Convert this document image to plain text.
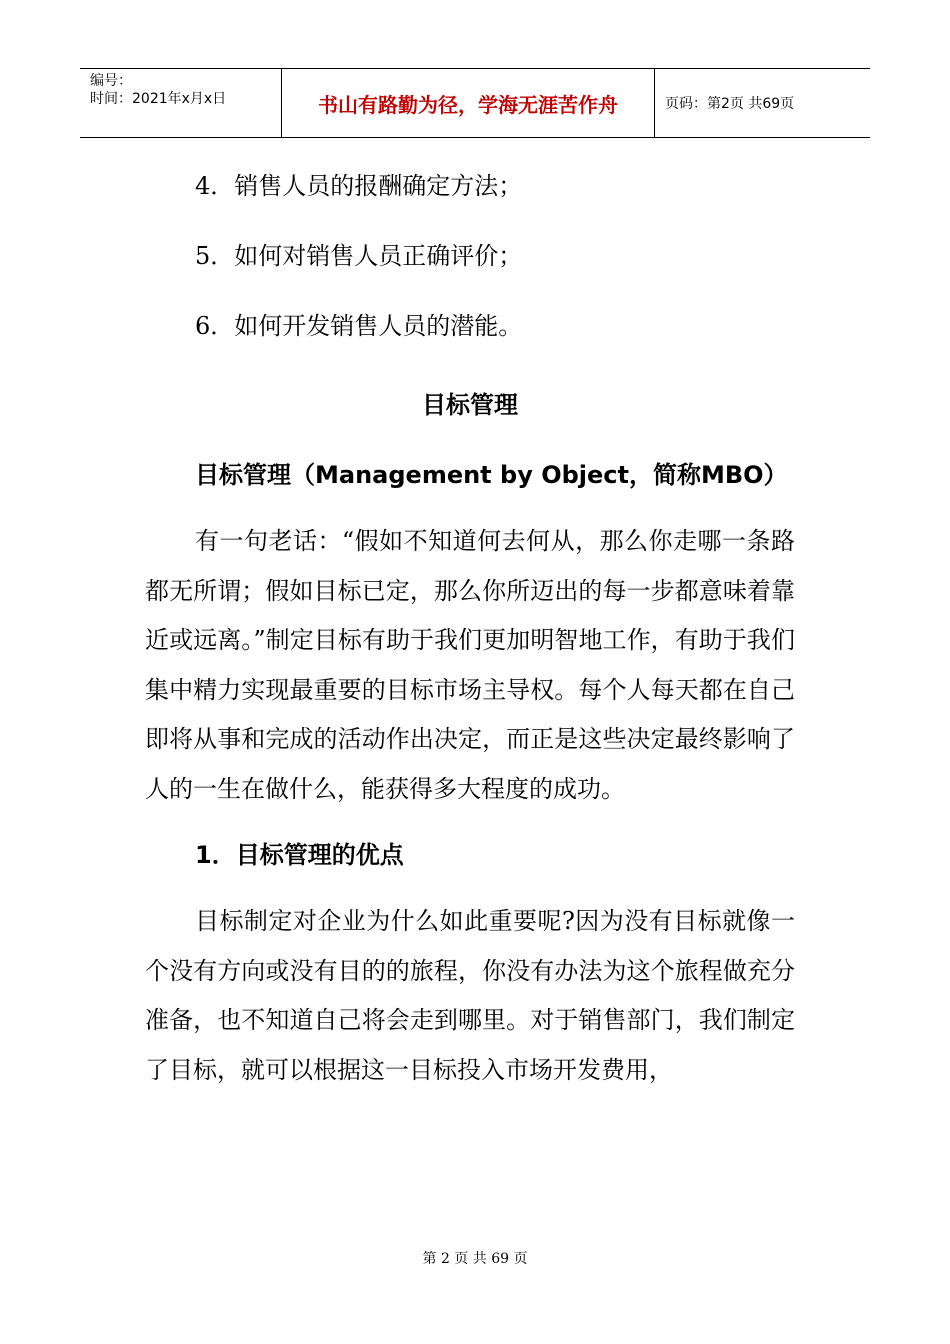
编号：
时间：2021年x月x日	书山有路勤为径，学海无涯苦作舟	页码：第2页 共69页

4．销售人员的报酬确定方法；

5．如何对销售人员正确评价；

6．如何开发销售人员的潜能。

目标管理
目标管理（Management by Object，简称MBO）

有一句老话：“假如不知道何去何从，那么你走哪一条路都无所谓；假如目标已定，那么你所迈出的每一步都意味着靠近或远离。”制定目标有助于我们更加明智地工作，有助于我们集中精力实现最重要的目标市场主导权。每个人每天都在自己即将从事和完成的活动作出决定，而正是这些决定最终影响了人的一生在做什么，能获得多大程度的成功。

1．目标管理的优点

目标制定对企业为什么如此重要呢?因为没有目标就像一个没有方向或没有目的的旅程，你没有办法为这个旅程做充分准备，也不知道自己将会走到哪里。对于销售部门，我们制定了目标，就可以根据这一目标投入市场开发费用，

第 2 页 共 69 页
